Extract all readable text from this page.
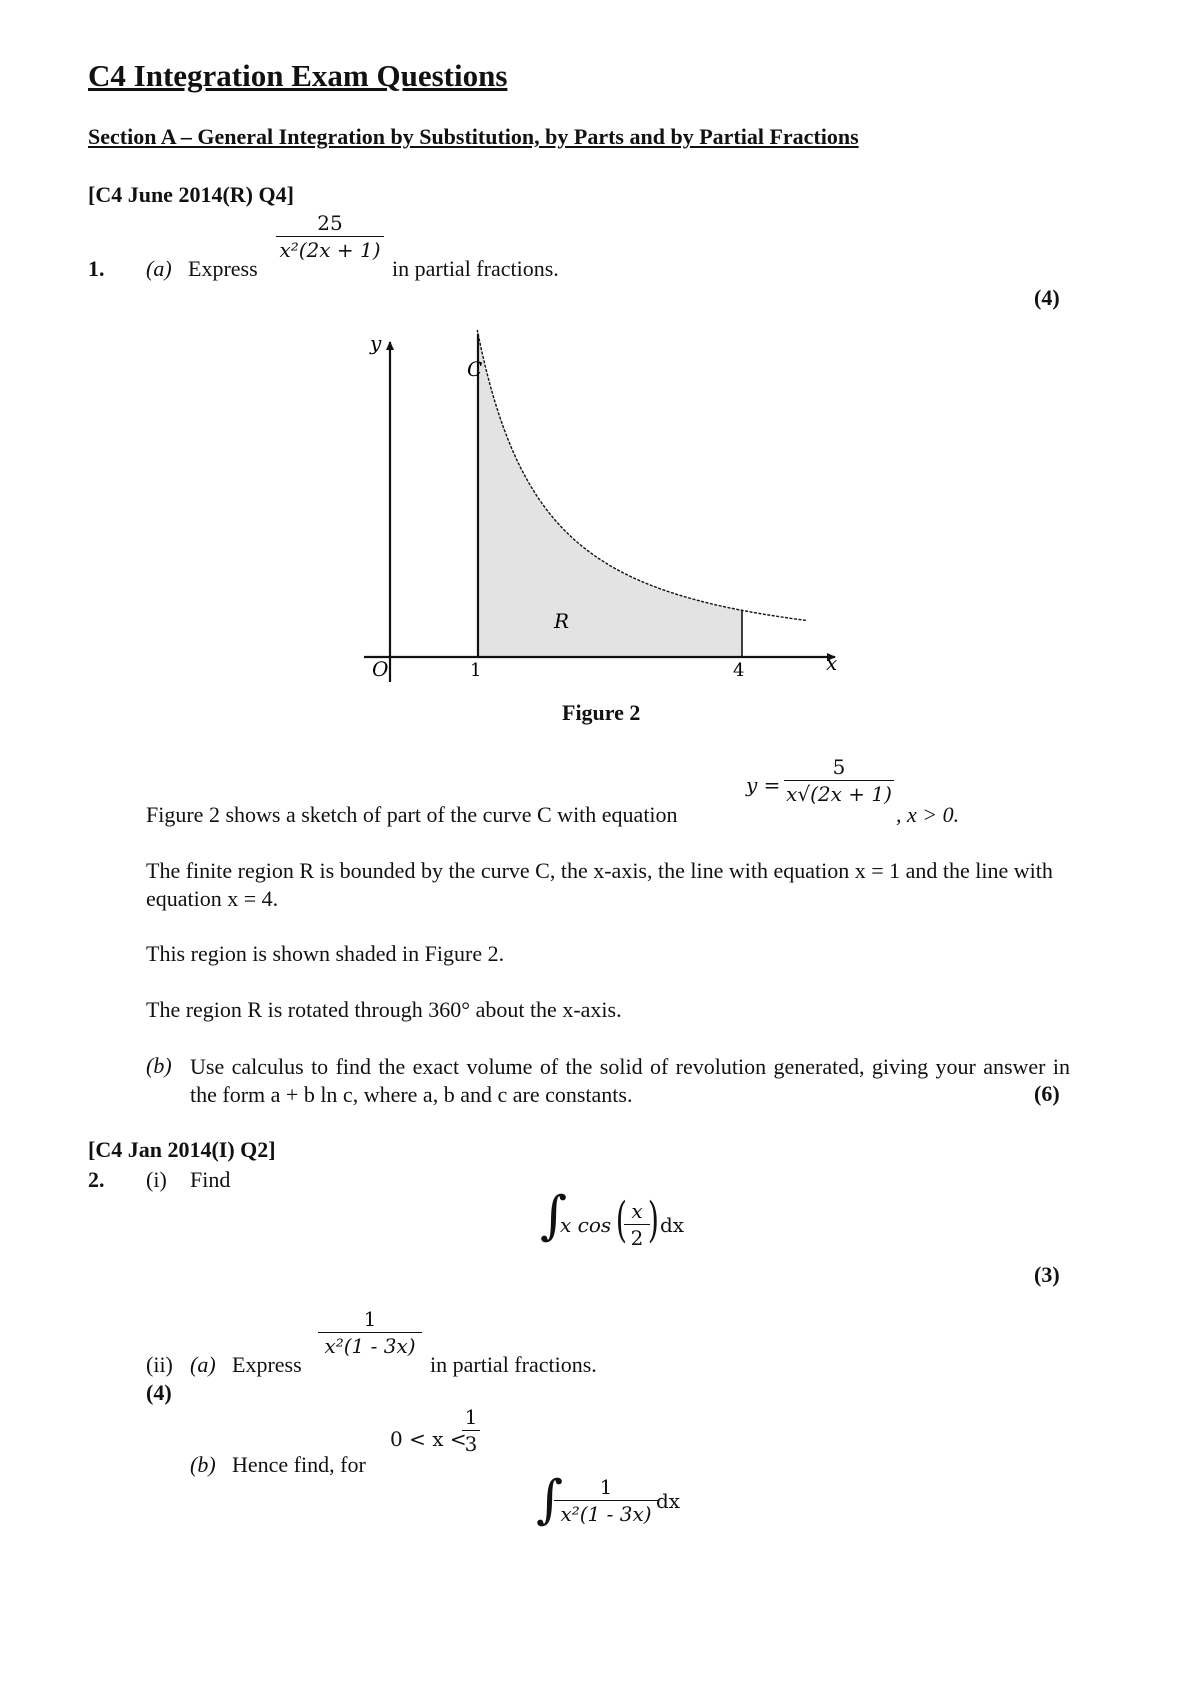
C4 Integration Exam Questions
Section A – General Integration by Substitution, by Parts and by Partial Fractions
[C4 June 2014(R) Q4]
25
x²(2x + 1)
1. (a) Express	in partial fractions.
(4)
y
x
O
C
R
1	4
Figure 2
Figure 2 shows a sketch of part of the curve C with equation
y =
5
x√(2x + 1)
, x > 0.
The finite region R is bounded by the curve C, the x-axis, the line with equation x = 1 and the line with equation x = 4.
This region is shown shaded in Figure 2.
The region R is rotated through 360° about the x-axis.
(b) Use calculus to find the exact volume of the solid of revolution generated, giving your answer in the form a + b ln c, where a, b and c are constants.	(6)
[C4 Jan 2014(I) Q2]
2. (i) Find
∫
x cos ( x
2 ) dx
(3)
1
x²(1 - 3x)
(ii) (a) Express	in partial fractions.
(4)
0 < x <
1
3
(b) Hence find, for
∫	1
x²(1 - 3x)
dx
